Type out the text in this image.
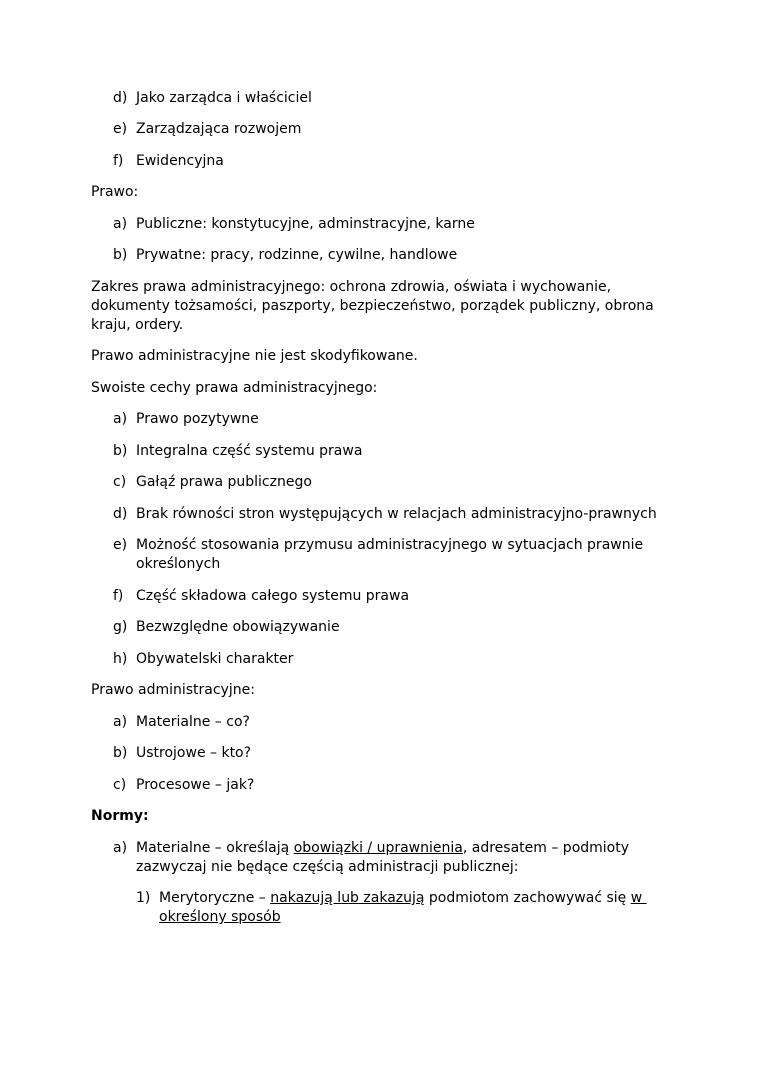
d) Jako zarządca i właściciel
e) Zarządzająca rozwojem
f) Ewidencyjna
Prawo:
a) Publiczne: konstytucyjne, adminstracyjne, karne
b) Prywatne: pracy, rodzinne, cywilne, handlowe
Zakres prawa administracyjnego: ochrona zdrowia, oświata i wychowanie,
dokumenty tożsamości, paszporty, bezpieczeństwo, porządek publiczny, obrona
kraju, ordery.
Prawo administracyjne nie jest skodyfikowane.
Swoiste cechy prawa administracyjnego:
a) Prawo pozytywne
b) Integralna część systemu prawa
c) Gałąź prawa publicznego
d) Brak równości stron występujących w relacjach administracyjno-prawnych
e) Możność stosowania przymusu administracyjnego w sytuacjach prawnie
określonych
f) Część składowa całego systemu prawa
g) Bezwzględne obowiązywanie
h) Obywatelski charakter
Prawo administracyjne:
a) Materialne – co?
b) Ustrojowe – kto?
c) Procesowe – jak?
Normy:
a) Materialne – określają obowiązki / uprawnienia, adresatem – podmioty
zazwyczaj nie będące częścią administracji publicznej:
1) Merytoryczne – nakazują lub zakazują podmiotom zachowywać się w
określony sposób
